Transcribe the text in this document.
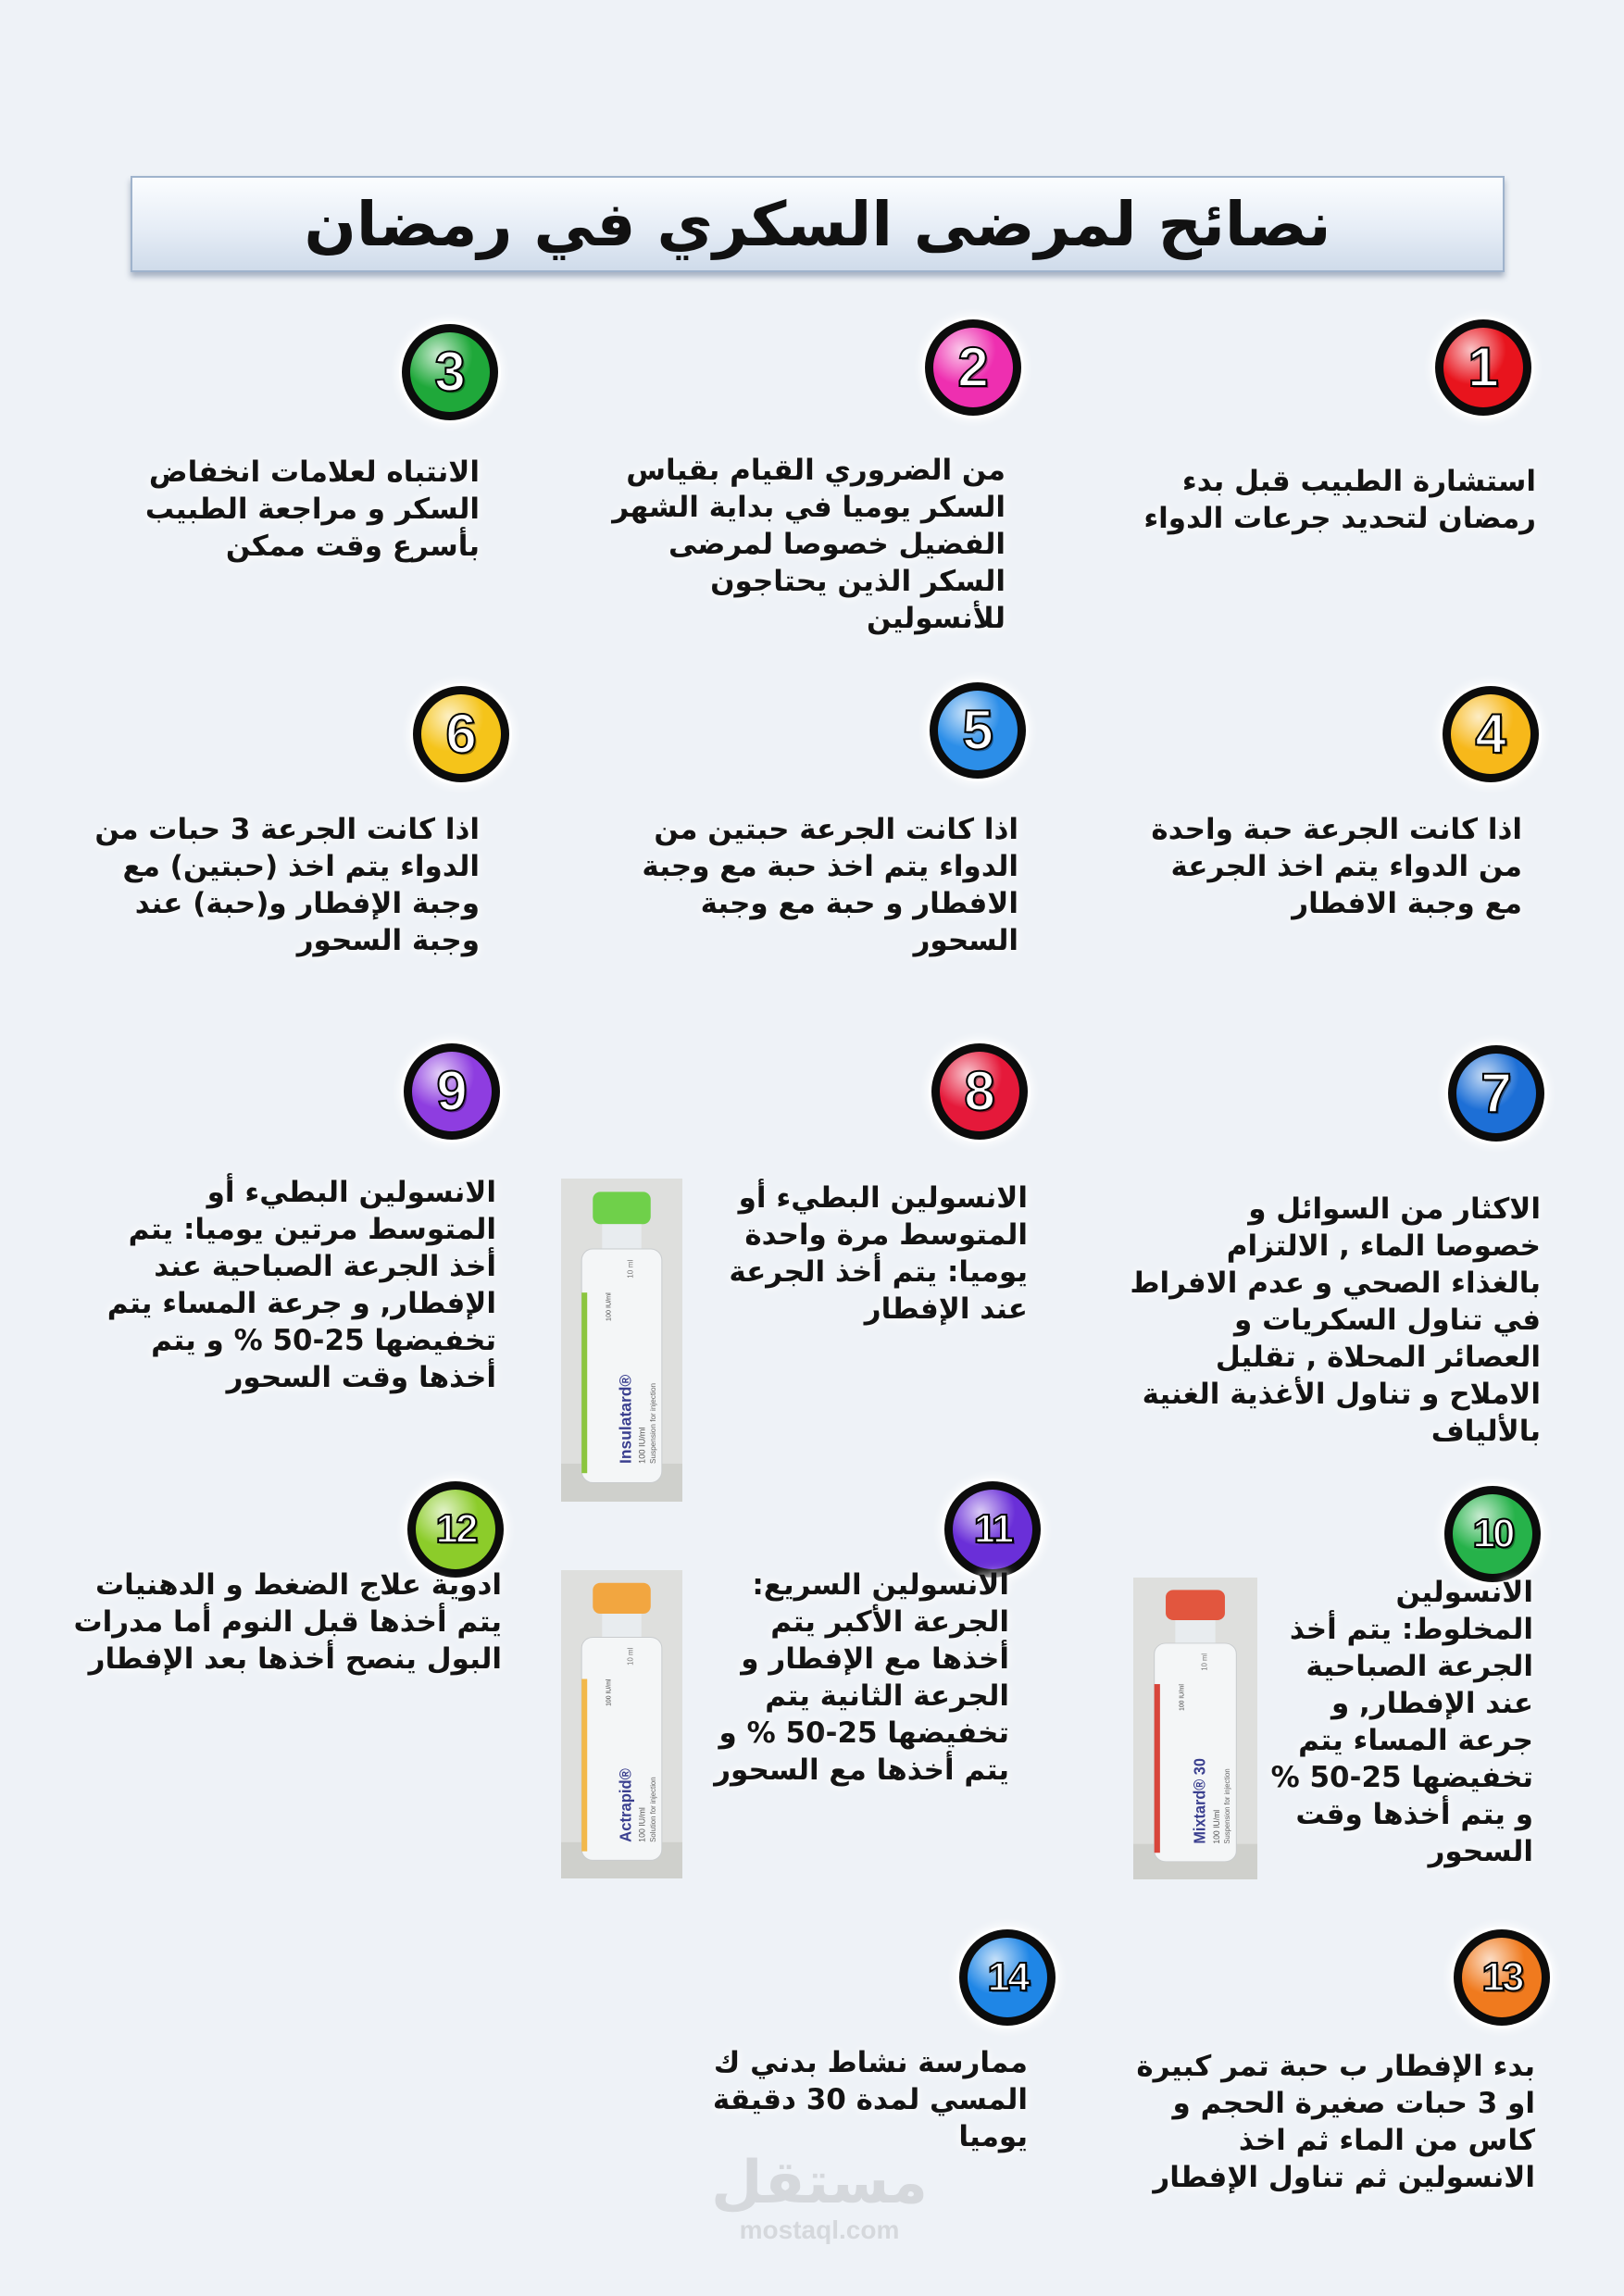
نصائح لمرضى السكري في رمضان
1
2
3
4
5
6
7
8
9
10
11
12
13
14
استشارة الطبيب قبل بدء
رمضان لتحديد جرعات الدواء
من الضروري القيام بقياس
السكر يوميا في بداية الشهر
الفضيل خصوصا لمرضى
السكر الذين يحتاجون
للأنسولين
الانتباه لعلامات انخفاض
السكر و مراجعة الطبيب
بأسرع وقت ممكن
اذا كانت الجرعة حبة واحدة
من الدواء يتم اخذ الجرعة
مع وجبة الافطار
اذا كانت الجرعة حبتين من
الدواء يتم اخذ حبة مع وجبة
الافطار و حبة مع وجبة
السحور
اذا كانت الجرعة 3 حبات من
الدواء يتم اخذ (حبتين) مع
وجبة الإفطار و(حبة) عند
وجبة السحور
الاكثار من السوائل و
خصوصا الماء , الالتزام
بالغذاء الصحي و عدم الافراط
في تناول السكريات و
العصائر المحلاة , تقليل
الاملاح و تناول الأغذية الغنية
بالألياف
الانسولين البطيء أو
المتوسط مرة واحدة
يوميا: يتم أخذ الجرعة
عند الإفطار
الانسولين البطيء أو
المتوسط مرتين يوميا: يتم
أخذ الجرعة الصباحية عند
الإفطار, و جرعة المساء يتم
تخفيضها 25-50 % و يتم
أخذها وقت السحور
الانسولين
المخلوط: يتم أخذ
الجرعة الصباحية
عند الإفطار, و
جرعة المساء يتم
تخفيضها 25-50 %
و يتم أخذها وقت
السحور
الانسولين السريع:
الجرعة الأكبر يتم
أخذها مع الإفطار و
الجرعة الثانية يتم
تخفيضها 25-50 % و
يتم أخذها مع السحور
ادوية علاج الضغط و الدهنيات
يتم أخذها قبل النوم أما مدرات
البول ينصح أخذها بعد الإفطار
بدء الإفطار ب حبة تمر كبيرة
او 3 حبات صغيرة الحجم و
كاس من الماء ثم اخذ
الانسولين ثم تناول الإفطار
ممارسة نشاط بدني ك
المسي لمدة 30 دقيقة
يوميا
Insulatard® 100 IU/ml Suspension for injection
10 ml
100 IU/ml
Actrapid® 100 IU/ml Solution for injection
10 ml
100 IU/ml
Mixtard® 30 100 IU/ml Suspension for injection
10 ml
100 IU/ml
مستقل
mostaql.com
